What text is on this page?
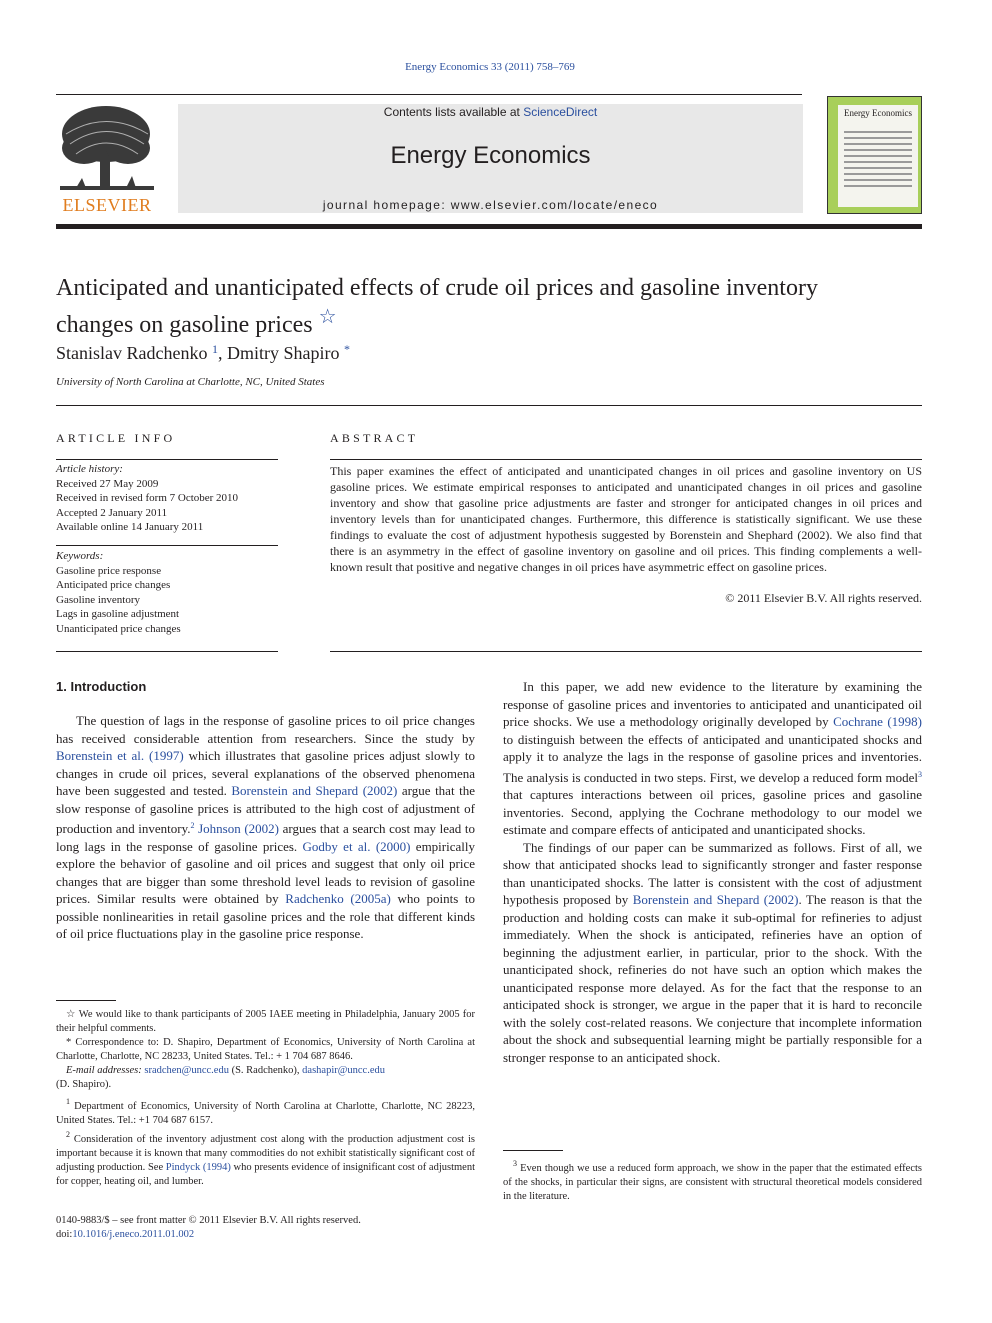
Energy Economics 33 (2011) 758–769
ELSEVIER
Contents lists available at ScienceDirect
Energy Economics
journal homepage: www.elsevier.com/locate/eneco
Energy Economics
Anticipated and unanticipated effects of crude oil prices and gasoline inventory
changes on gasoline prices ☆
Stanislav Radchenko $^1$, Dmitry Shapiro *
University of North Carolina at Charlotte, NC, United States
ARTICLE INFO
Article history:
Received 27 May 2009
Received in revised form 7 October 2010
Accepted 2 January 2011
Available online 14 January 2011
Keywords:
Gasoline price response
Anticipated price changes
Gasoline inventory
Lags in gasoline adjustment
Unanticipated price changes
ABSTRACT
This paper examines the effect of anticipated and unanticipated changes in oil prices and gasoline inventory on US gasoline prices. We estimate empirical responses to anticipated and unanticipated changes in oil prices and gasoline inventory and show that gasoline price adjustments are faster and stronger for anticipated changes in oil prices and inventory levels than for unanticipated changes. Furthermore, this difference is statistically significant. We use these findings to evaluate the cost of adjustment hypothesis suggested by Borenstein and Shephard (2002). We also find that there is an asymmetry in the effect of gasoline inventory on gasoline and oil prices. This finding complements a well-known result that positive and negative changes in oil prices have asymmetric effect on gasoline prices.
© 2011 Elsevier B.V. All rights reserved.
1. Introduction

The question of lags in the response of gasoline prices to oil price changes has received considerable attention from researchers. Since the study by Borenstein et al. (1997) which illustrates that gasoline prices adjust slowly to changes in crude oil prices, several explanations of the observed phenomena have been suggested and tested. Borenstein and Shepard (2002) argue that the slow response of gasoline prices is attributed to the high cost of adjustment of production and inventory.$^2$ Johnson (2002) argues that a search cost may lead to long lags in the response of gasoline prices. Godby et al. (2000) empirically explore the behavior of gasoline and oil prices and suggest that only oil price changes that are bigger than some threshold level leads to revision of gasoline prices. Similar results were obtained by Radchenko (2005a) who points to possible nonlinearities in retail gasoline prices and the role that different kinds of oil price fluctuations play in the gasoline price response.

☆ We would like to thank participants of 2005 IAEE meeting in Philadelphia, January 2005 for their helpful comments.

* Correspondence to: D. Shapiro, Department of Economics, University of North Carolina at Charlotte, Charlotte, NC 28233, United States. Tel.: + 1 704 687 8646.

E-mail addresses: sradchen@uncc.edu (S. Radchenko), dashapir@uncc.edu

(D. Shapiro).

$^1$ Department of Economics, University of North Carolina at Charlotte, Charlotte, NC 28223, United States. Tel.: +1 704 687 6157.

$^2$ Consideration of the inventory adjustment cost along with the production adjustment cost is important because it is known that many commodities do not exhibit statistically significant cost of adjusting production. See Pindyck (1994) who presents evidence of insignificant cost of adjustment for copper, heating oil, and lumber.

0140-9883/$ – see front matter © 2011 Elsevier B.V. All rights reserved.
doi:10.1016/j.eneco.2011.01.002

In this paper, we add new evidence to the literature by examining the response of gasoline prices and inventories to anticipated and unanticipated oil price shocks. We use a methodology originally developed by Cochrane (1998) to distinguish between the effects of anticipated and unanticipated shocks and apply it to analyze the lags in the response of gasoline prices and inventories. The analysis is conducted in two steps. First, we develop a reduced form model$^3$ that captures interactions between oil prices, gasoline prices and gasoline inventories. Second, applying the Cochrane methodology to our model we estimate and compare effects of anticipated and unanticipated shocks.

The findings of our paper can be summarized as follows. First of all, we show that anticipated shocks lead to significantly stronger and faster response than unanticipated shocks. The latter is consistent with the cost of adjustment hypothesis proposed by Borenstein and Shepard (2002). The reason is that the production and holding costs can make it sub-optimal for refineries to adjust immediately. When the shock is anticipated, refineries have an option of beginning the adjustment earlier, in particular, prior to the shock. With the unanticipated shock, refineries do not have such an option which makes the unanticipated response more delayed. As for the fact that the response to an anticipated shock is stronger, we argue in the paper that it is hard to reconcile with the solely cost-related reasons. We conjecture that incomplete information about the shock and subsequential learning might be partially responsible for a stronger response to an anticipated shock.

$^3$ Even though we use a reduced form approach, we show in the paper that the estimated effects of the shocks, in particular their signs, are consistent with structural theoretical models considered in the literature.
